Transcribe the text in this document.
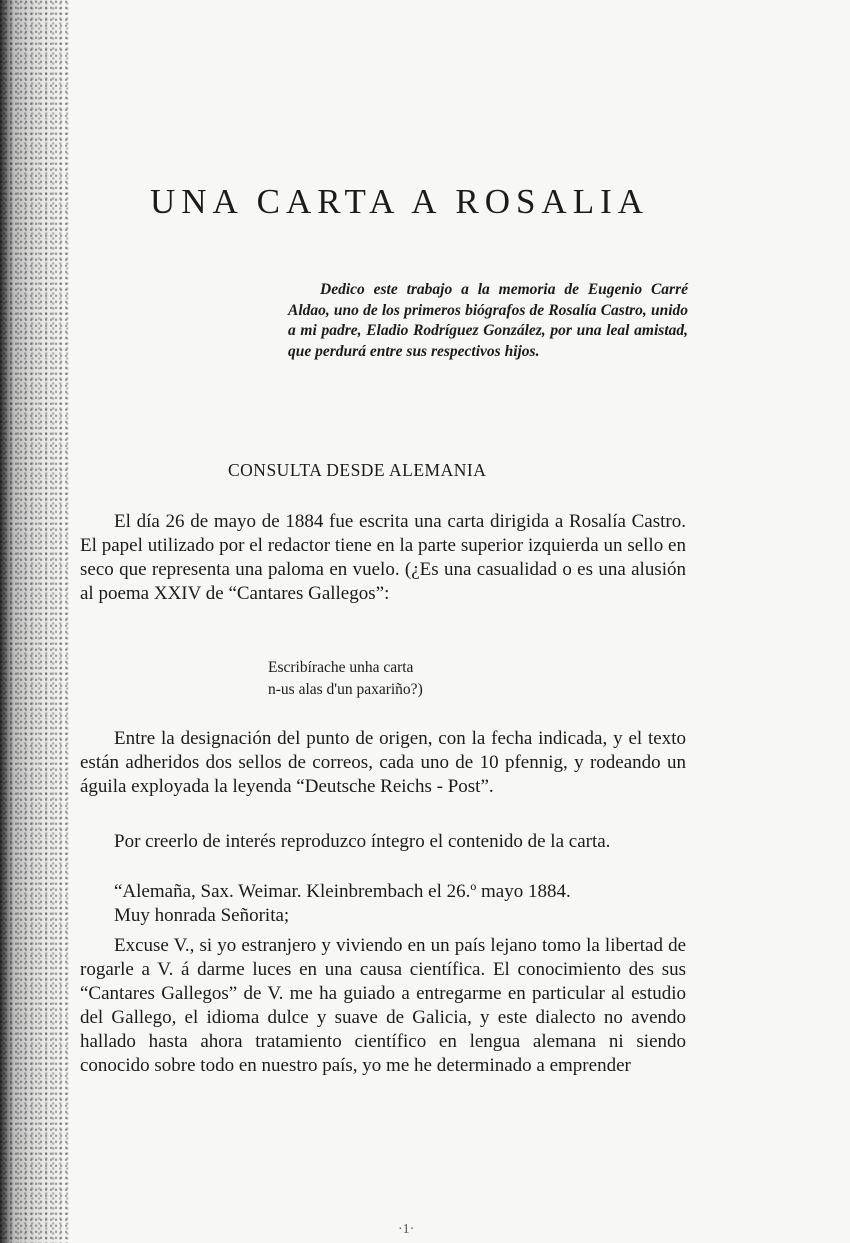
UNA CARTA A ROSALIA

Dedico este trabajo a la memoria de Eugenio Carré Aldao, uno de los primeros biógrafos de Rosalía Castro, unido a mi padre, Eladio Rodríguez González, por una leal amistad, que perdurá entre sus respectivos hijos.

CONSULTA DESDE ALEMANIA

El día 26 de mayo de 1884 fue escrita una carta dirigida a Rosalía Castro. El papel utilizado por el redactor tiene en la parte superior izquierda un sello en seco que representa una paloma en vuelo. (¿Es una casualidad o es una alusión al poema XXIV de “Cantares Gallegos”:

Escribírache unha carta
n-us alas d'un paxariño?)

Entre la designación del punto de origen, con la fecha indicada, y el texto están adheridos dos sellos de correos, cada uno de 10 pfennig, y rodeando un águila exployada la leyenda “Deutsche Reichs - Post”.

Por creerlo de interés reproduzco íntegro el contenido de la carta.

“Alemaña, Sax. Weimar. Kleinbrembach el 26.º mayo 1884.

Muy honrada Señorita;

Excuse V., si yo estranjero y viviendo en un país lejano tomo la libertad de rogarle a V. á darme luces en una causa científica. El conocimiento des sus “Cantares Gallegos” de V. me ha guiado a entregarme en particular al estudio del Gallego, el idioma dulce y suave de Galicia, y este dialecto no avendo hallado hasta ahora tratamiento científico en lengua alemana ni siendo conocido sobre todo en nuestro país, yo me he determinado a emprender

·1·
